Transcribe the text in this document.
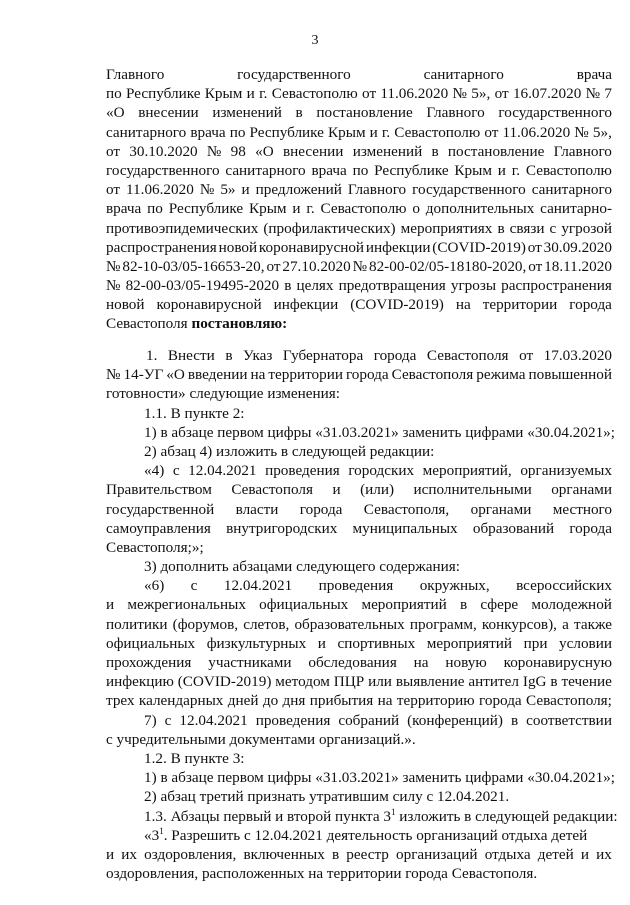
3
Главного	государственного	санитарного	врача
по Республике Крым и г. Севастополю от 11.06.2020 № 5», от 16.07.2020 № 7
«О внесении изменений в постановление Главного государственного
санитарного врача по Республике Крым и г. Севастополю от 11.06.2020 № 5»,
от 30.10.2020 № 98 «О внесении изменений в постановление Главного
государственного санитарного врача по Республике Крым и г. Севастополю
от 11.06.2020 № 5» и предложений Главного государственного санитарного
врача по Республике Крым и г. Севастополю о дополнительных санитарно-
противоэпидемических (профилактических) мероприятиях в связи с угрозой
распространения новой коронавирусной инфекции (COVID-2019) от 30.09.2020
№ 82-10-03/05-16653-20, от 27.10.2020 № 82-00-02/05-18180-2020, от 18.11.2020
№ 82-00-03/05-19495-2020 в целях предотвращения угрозы распространения
новой коронавирусной инфекции (COVID-2019) на территории города
Севастополя постановляю:
1. Внести в Указ Губернатора города Севастополя от 17.03.2020
№ 14-УГ «О введении на территории города Севастополя режима повышенной
готовности» следующие изменения:
1.1. В пункте 2:
1) в абзаце первом цифры «31.03.2021» заменить цифрами «30.04.2021»;
2) абзац 4) изложить в следующей редакции:
«4) с 12.04.2021 проведения городских мероприятий, организуемых
Правительством Севастополя и (или) исполнительными органами
государственной власти города Севастополя, органами местного
самоуправления внутригородских муниципальных образований города
Севастополя;»;
3) дополнить абзацами следующего содержания:
«6) с 12.04.2021 проведения окружных, всероссийских
и межрегиональных официальных мероприятий в сфере молодежной
политики (форумов, слетов, образовательных программ, конкурсов), а также
официальных физкультурных и спортивных мероприятий при условии
прохождения участниками обследования на новую коронавирусную
инфекцию (COVID-2019) методом ПЦР или выявление антител IgG в течение
трех календарных дней до дня прибытия на территорию города Севастополя;
7) с 12.04.2021 проведения собраний (конференций) в соответствии
с учредительными документами организаций.».
1.2. В пункте 3:
1) в абзаце первом цифры «31.03.2021» заменить цифрами «30.04.2021»;
2) абзац третий признать утратившим силу с 12.04.2021.
1.3. Абзацы первый и второй пункта $3^1$ изложить в следующей редакции:
«$3^1$. Разрешить с 12.04.2021 деятельность организаций отдыха детей
и их оздоровления, включенных в реестр организаций отдыха детей и их
оздоровления, расположенных на территории города Севастополя.
